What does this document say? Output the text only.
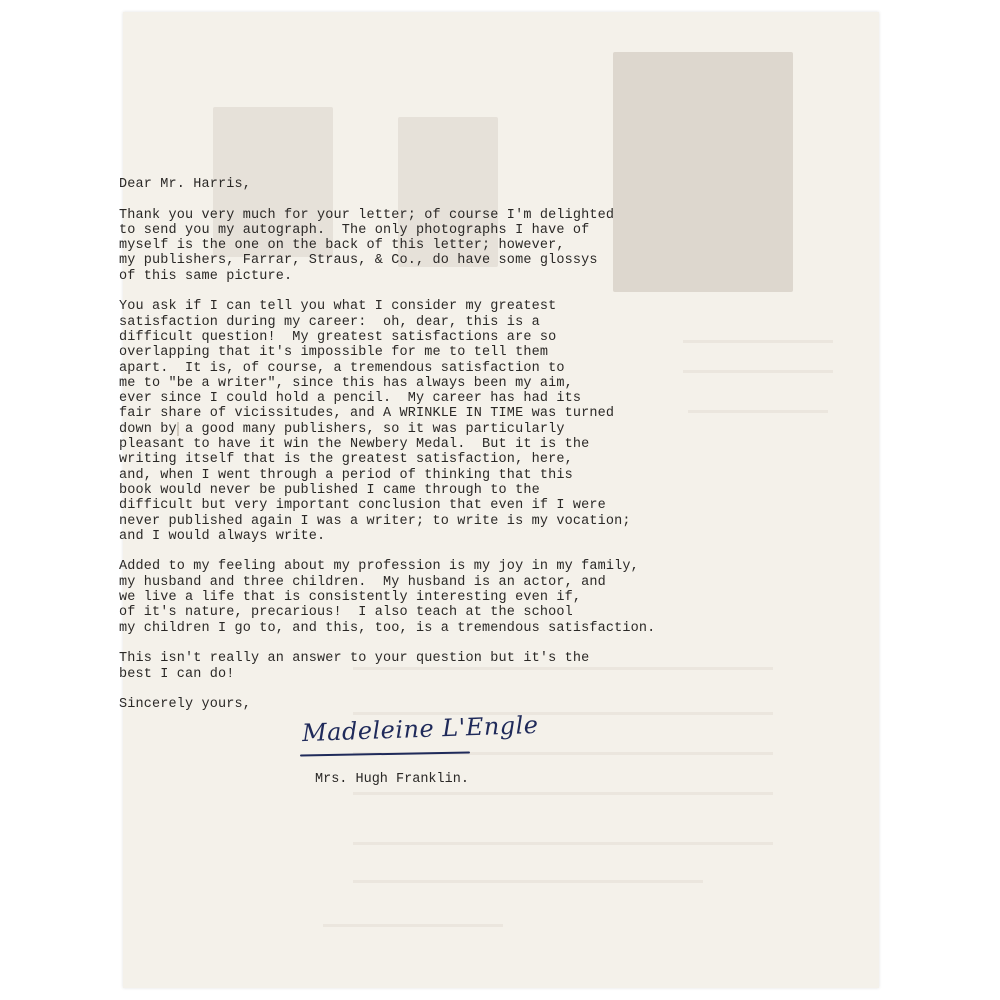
Dear Mr. Harris,

Thank you very much for your letter; of course I'm delighted

to send you my autograph.  The only photographs I have of

myself is the one on the back of this letter; however,

my publishers, Farrar, Straus, & Co., do have some glossys

of this same picture.

You ask if I can tell you what I consider my greatest

satisfaction during my career:  oh, dear, this is a

difficult question!  My greatest satisfactions are so

overlapping that it's impossible for me to tell them

apart.  It is, of course, a tremendous satisfaction to

me to "be a writer", since this has always been my aim,

ever since I could hold a pencil.  My career has had its

fair share of vicissitudes, and A WRINKLE IN TIME was turned

down by a good many publishers, so it was particularly

pleasant to have it win the Newbery Medal.  But it is the

writing itself that is the greatest satisfaction, here,

and, when I went through a period of thinking that this

book would never be published I came through to the

difficult but very important conclusion that even if I were

never published again I was a writer; to write is my vocation;

and I would always write.

Added to my feeling about my profession is my joy in my family,

my husband and three children.  My husband is an actor, and

we live a life that is consistently interesting even if,

of it's nature, precarious!  I also teach at the school

my children I go to, and this, too, is a tremendous satisfaction.

This isn't really an answer to your question but it's the

best I can do!

Sincerely yours,

Madeleine L'Engle
Mrs. Hugh Franklin.
